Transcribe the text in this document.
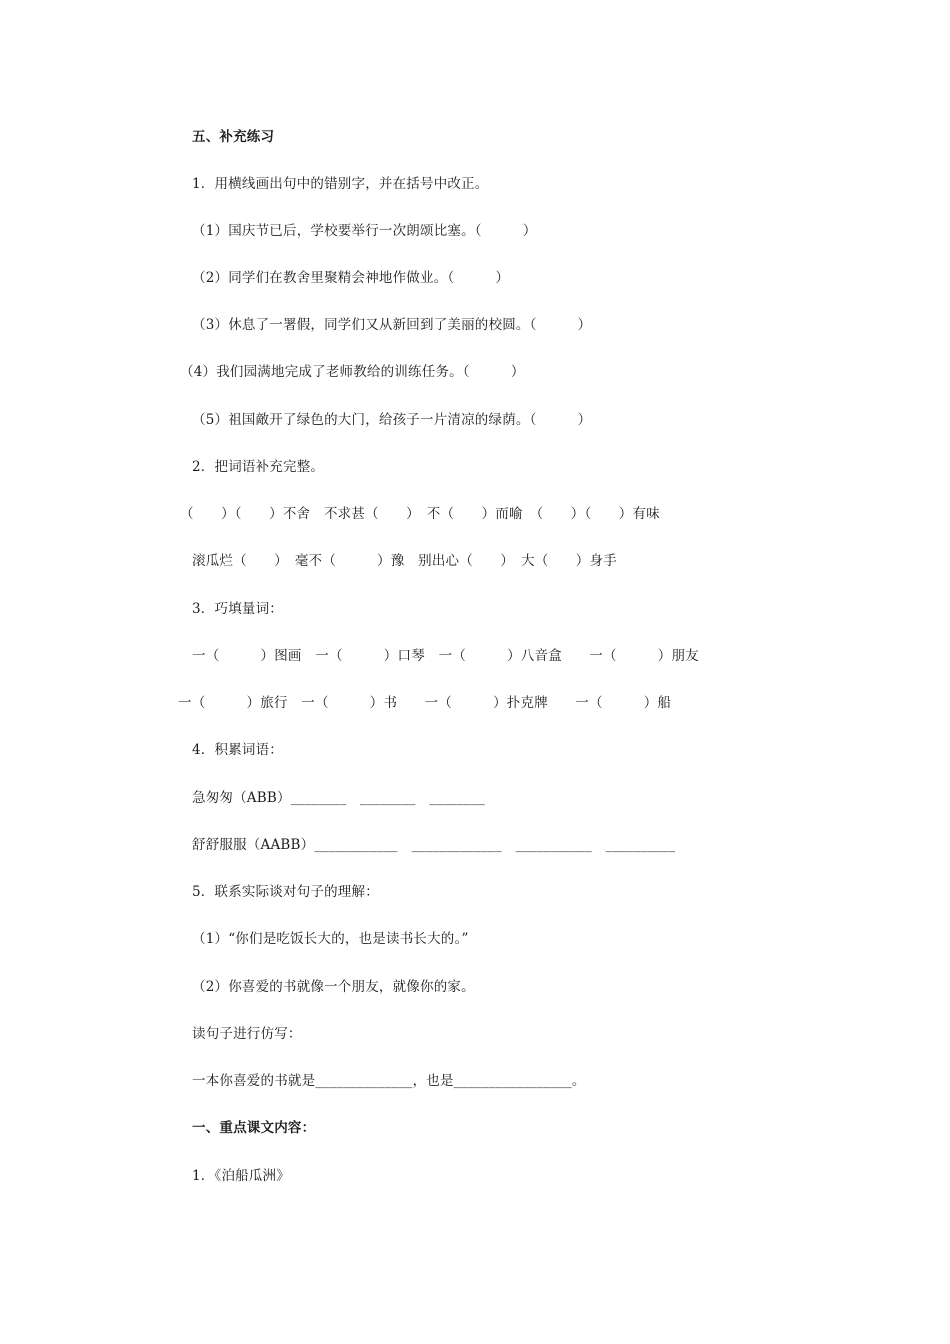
五、补充练习
1．用横线画出句中的错别字，并在括号中改正。
（1）国庆节已后，学校要举行一次朗颂比塞。（　　　）
（2）同学们在教舍里聚精会神地作做业。（　　　）
（3）休息了一署假，同学们又从新回到了美丽的校圆。（　　　）
（4）我们园满地完成了老师教给的训练任务。（　　　）
（5）祖国敵开了绿色的大门，给孩子一片清凉的绿荫。（　　　）
2．把词语补充完整。
（　　）（　　）不舍　不求甚（　　）　不（　　）而喻　（　　）（　　）有味
滚瓜烂（　　）　毫不（　　　）豫　别出心（　　）　大（　　）身手
3．巧填量词：
一（　　　）图画　一（　　　）口琴　一（　　　）八音盒　　一（　　　）朋友
一（　　　）旅行　一（　　　）书　　一（　　　）扑克牌　　一（　　　）船
4．积累词语：
急匆匆（ABB）________　________　________
舒舒服服（AABB）____________　_____________　___________　__________
5．联系实际谈对句子的理解：
（1）“你们是吃饭长大的，也是读书长大的。”
（2）你喜爱的书就像一个朋友，就像你的家。
读句子进行仿写：
一本你喜爱的书就是______________，也是_________________。
一、重点课文内容：
1．《泊船瓜洲》
